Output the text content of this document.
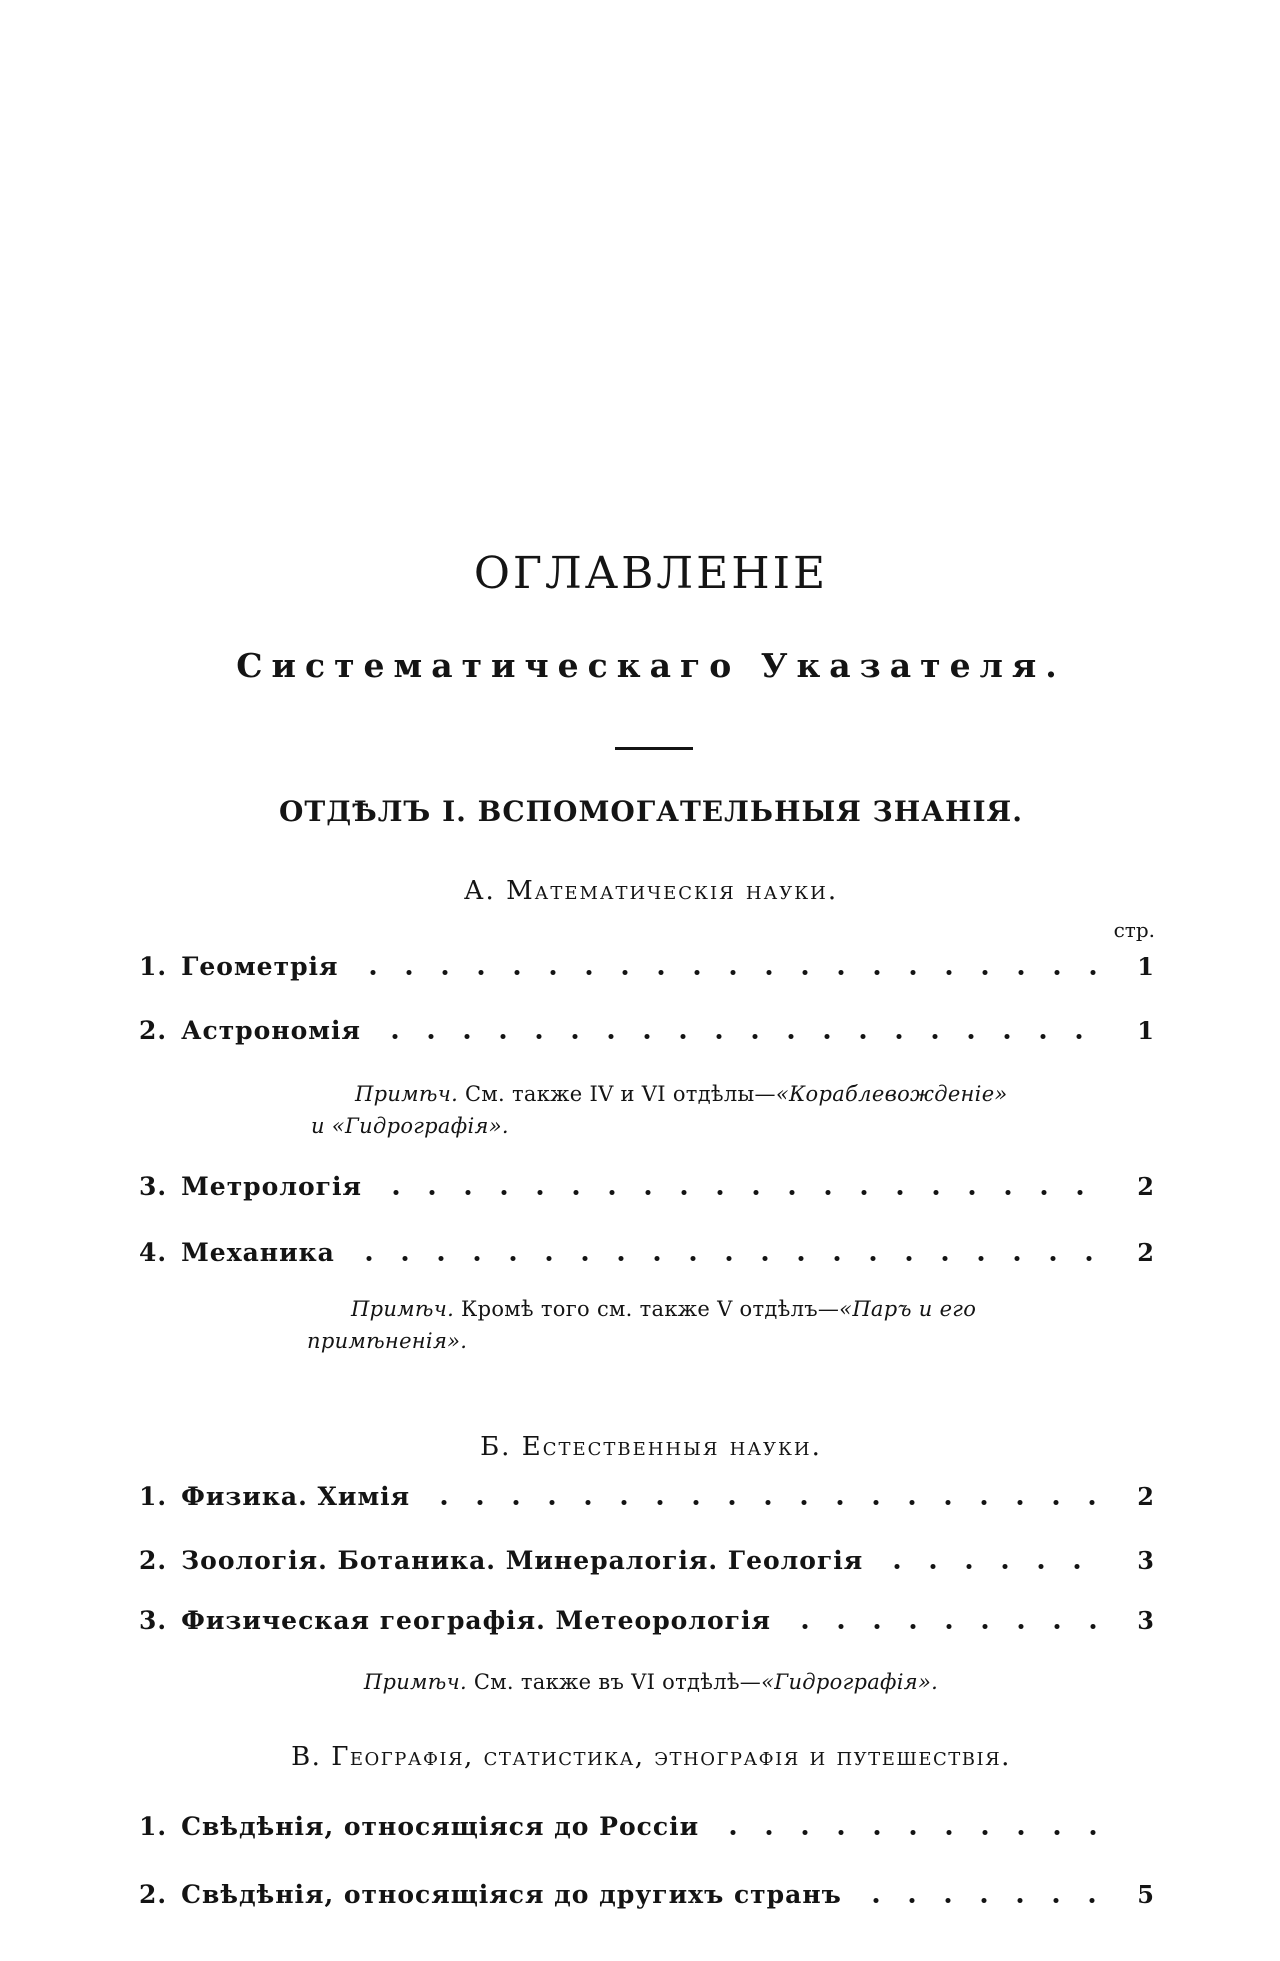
ОГЛАВЛЕНІЕ
Систематическаго Указателя.
ОТДѢЛЪ I. ВСПОМОГАТЕЛЬНЫЯ ЗНАНІЯ.
А. Математическія науки.
стр.
1. Геометрія	1
2. Астрономія	1
Примѣч. См. также IV и VI отдѣлы—«Кораблевожденіе»
и «Гидрографія».
3. Метрологія	2
4. Механика	2
Примѣч. Кромѣ того см. также V отдѣлъ—«Паръ и его
примѣненія».
Б. Естественныя науки.
1. Физика. Химія	2
2. Зоологія. Ботаника. Минералогія. Геологія	3
3. Физическая географія. Метеорологія	3
Примѣч. См. также въ VI отдѣлѣ—«Гидрографія».
В. Географія, статистика, этнографія и путешествія.
1. Свѣдѣнія, относящіяся до Россіи
2. Свѣдѣнія, относящіяся до другихъ странъ	5
